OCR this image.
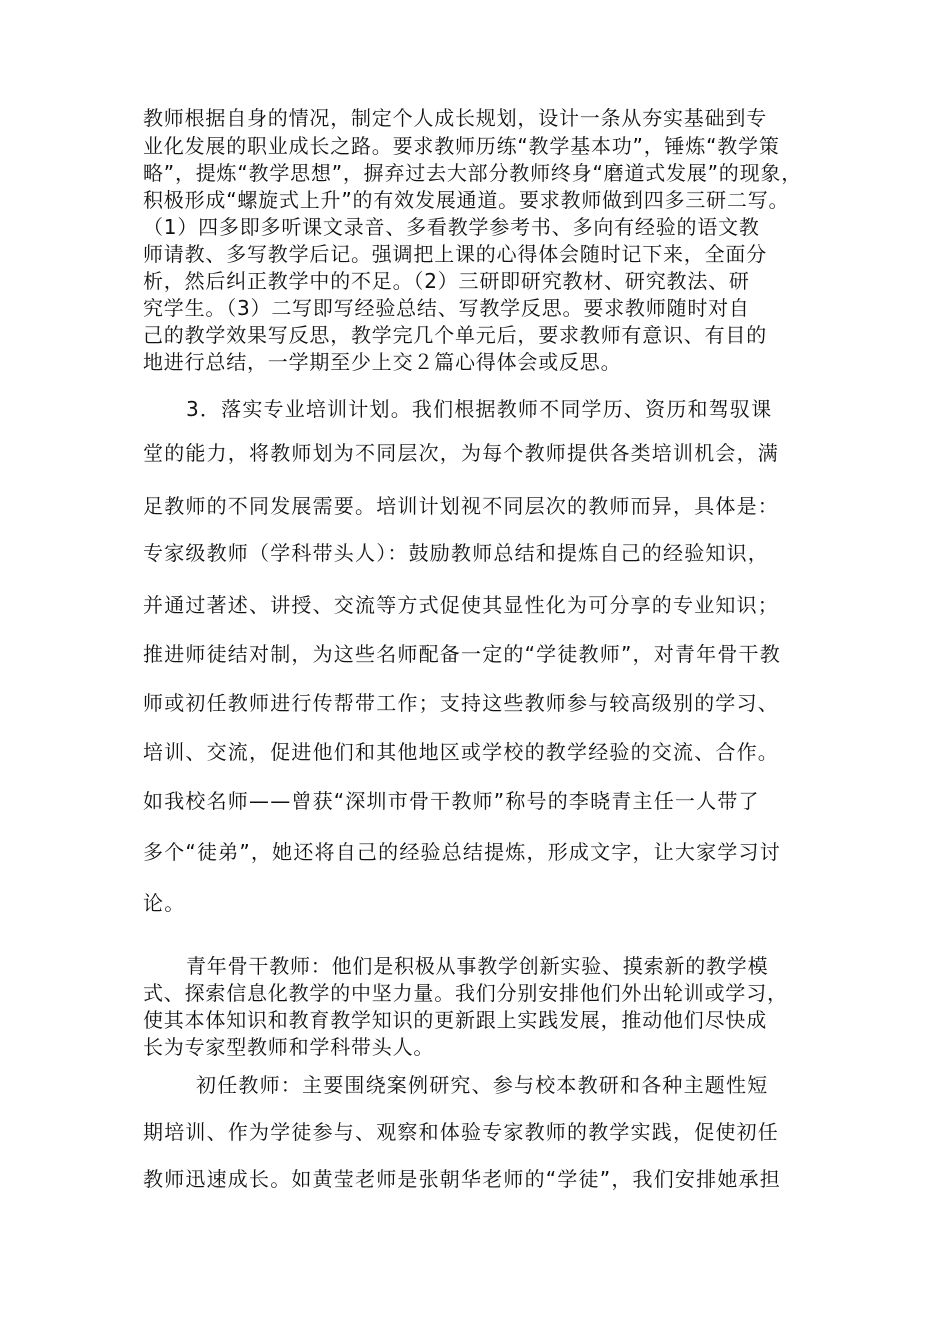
教师根据自身的情况，制定个人成长规划，设计一条从夯实基础到专
业化发展的职业成长之路。要求教师历练“教学基本功”，锤炼“教学策
略”，提炼“教学思想”，摒弃过去大部分教师终身“磨道式发展”的现象，
积极形成“螺旋式上升”的有效发展通道。要求教师做到四多三研二写。
（1）四多即多听课文录音、多看教学参考书、多向有经验的语文教
师请教、多写教学后记。强调把上课的心得体会随时记下来，全面分
析，然后纠正教学中的不足。（2）三研即研究教材、研究教法、研
究学生。（3）二写即写经验总结、写教学反思。要求教师随时对自
己的教学效果写反思，教学完几个单元后，要求教师有意识、有目的
地进行总结，一学期至少上交２篇心得体会或反思。
3．落实专业培训计划。我们根据教师不同学历、资历和驾驭课
堂的能力，将教师划为不同层次，为每个教师提供各类培训机会，满
足教师的不同发展需要。培训计划视不同层次的教师而异，具体是：
专家级教师（学科带头人）：鼓励教师总结和提炼自己的经验知识，
并通过著述、讲授、交流等方式促使其显性化为可分享的专业知识；
推进师徒结对制，为这些名师配备一定的“学徒教师”，对青年骨干教
师或初任教师进行传帮带工作；支持这些教师参与较高级别的学习、
培训、交流，促进他们和其他地区或学校的教学经验的交流、合作。
如我校名师——曾获“深圳市骨干教师”称号的李晓青主任一人带了
多个“徒弟”，她还将自己的经验总结提炼，形成文字，让大家学习讨
论。
青年骨干教师：他们是积极从事教学创新实验、摸索新的教学模
式、探索信息化教学的中坚力量。我们分别安排他们外出轮训或学习，
使其本体知识和教育教学知识的更新跟上实践发展，推动他们尽快成
长为专家型教师和学科带头人。
初任教师：主要围绕案例研究、参与校本教研和各种主题性短
期培训、作为学徒参与、观察和体验专家教师的教学实践，促使初任
教师迅速成长。如黄莹老师是张朝华老师的“学徒”，我们安排她承担
